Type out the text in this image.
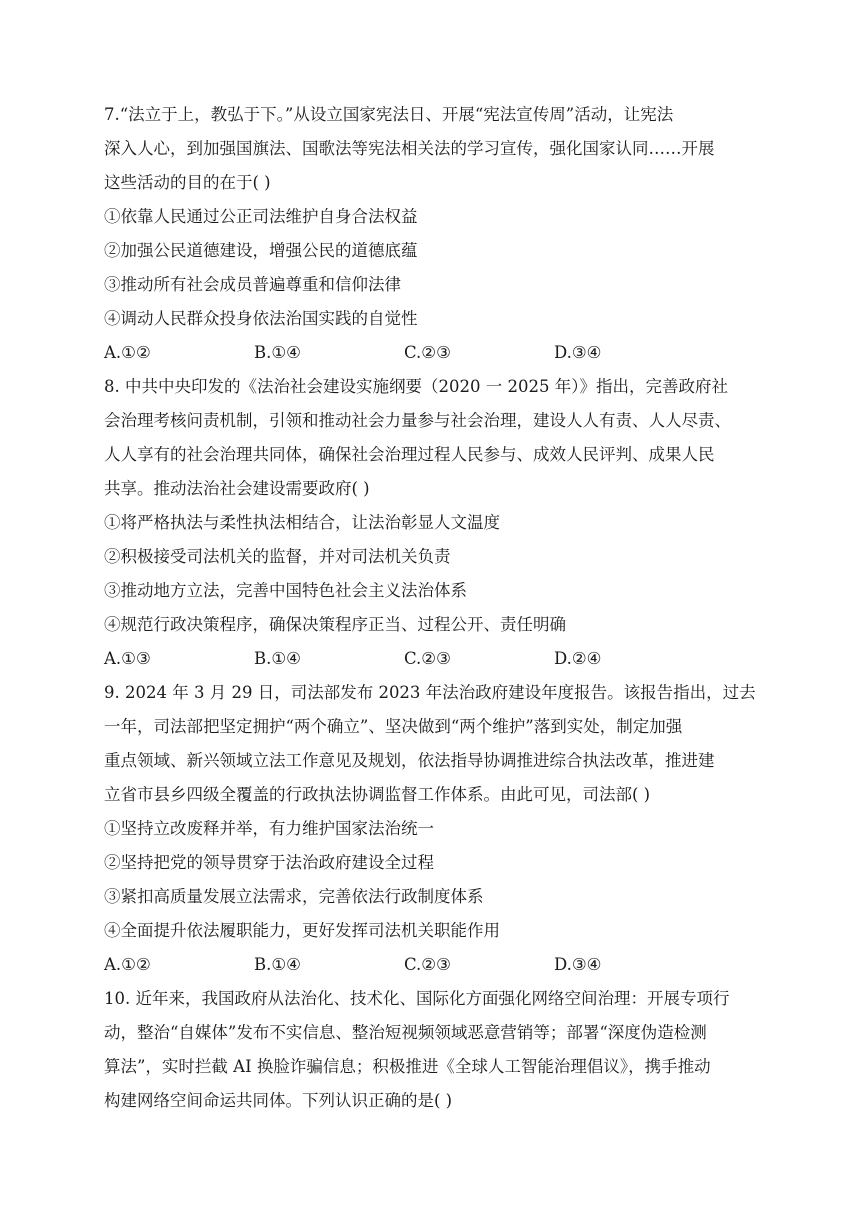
7.“法立于上，教弘于下。”从设立国家宪法日、开展“宪法宣传周”活动，让宪法
深入人心，到加强国旗法、国歌法等宪法相关法的学习宣传，强化国家认同……开展
这些活动的目的在于( )
①依靠人民通过公正司法维护自身合法权益
②加强公民道德建设，增强公民的道德底蕴
③推动所有社会成员普遍尊重和信仰法律
④调动人民群众投身依法治国实践的自觉性
A.①②	B.①④	C.②③	D.③④
8. 中共中央印发的《法治社会建设实施纲要（2020 一 2025 年）》指出，完善政府社
会治理考核问责机制，引领和推动社会力量参与社会治理，建设人人有责、人人尽责、
人人享有的社会治理共同体，确保社会治理过程人民参与、成效人民评判、成果人民
共享。推动法治社会建设需要政府( )
①将严格执法与柔性执法相结合，让法治彰显人文温度
②积极接受司法机关的监督，并对司法机关负责
③推动地方立法，完善中国特色社会主义法治体系
④规范行政决策程序，确保决策程序正当、过程公开、责任明确
A.①③	B.①④	C.②③	D.②④
9. 2024 年 3 月 29 日，司法部发布 2023 年法治政府建设年度报告。该报告指出，过去
一年，司法部把坚定拥护“两个确立”、坚决做到“两个维护”落到实处，制定加强
重点领域、新兴领域立法工作意见及规划，依法指导协调推进综合执法改革，推进建
立省市县乡四级全覆盖的行政执法协调监督工作体系。由此可见，司法部( )
①坚持立改废释并举，有力维护国家法治统一
②坚持把党的领导贯穿于法治政府建设全过程
③紧扣高质量发展立法需求，完善依法行政制度体系
④全面提升依法履职能力，更好发挥司法机关职能作用
A.①②	B.①④	C.②③	D.③④
10. 近年来，我国政府从法治化、技术化、国际化方面强化网络空间治理：开展专项行
动，整治“自媒体”发布不实信息、整治短视频领域恶意营销等；部署“深度伪造检测
算法”，实时拦截 AI 换脸诈骗信息；积极推进《全球人工智能治理倡议》，携手推动
构建网络空间命运共同体。下列认识正确的是( )
